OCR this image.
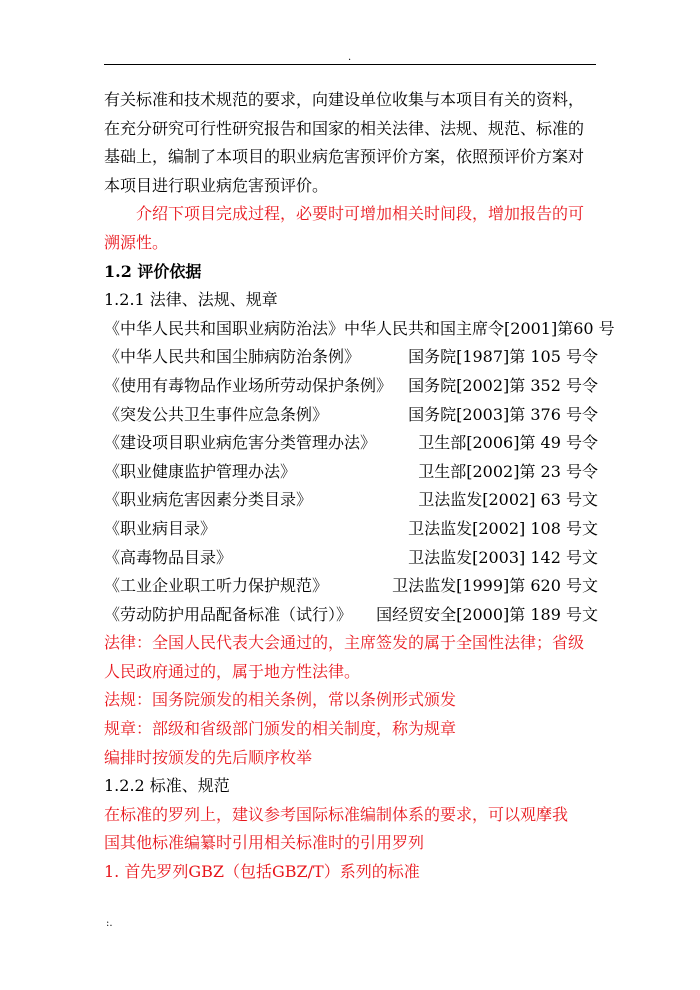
.
有关标准和技术规范的要求，向建设单位收集与本项目有关的资料，
在充分研究可行性研究报告和国家的相关法律、法规、规范、标准的
基础上，编制了本项目的职业病危害预评价方案，依照预评价方案对
本项目进行职业病危害预评价。
介绍下项目完成过程，必要时可增加相关时间段，增加报告的可
溯源性。
1.2 评价依据
1.2.1 法律、法规、规章
《中华人民共和国职业病防治法》 中华人民共和国主席令[2001]第60 号
《中华人民共和国尘肺病防治条例》	国务院[1987]第 105 号令
《使用有毒物品作业场所劳动保护条例》 国务院[2002]第 352 号令
《突发公共卫生事件应急条例》	国务院[2003]第 376 号令
《建设项目职业病危害分类管理办法》	卫生部[2006]第 49 号令
《职业健康监护管理办法》	卫生部[2002]第 23 号令
《职业病危害因素分类目录》	卫法监发[2002] 63 号文
《职业病目录》	卫法监发[2002] 108 号文
《高毒物品目录》	卫法监发[2003] 142 号文
《工业企业职工听力保护规范》	卫法监发[1999]第 620 号文
《劳动防护用品配备标准（试行）》 国经贸安全[2000]第 189 号文
法律：全国人民代表大会通过的，主席签发的属于全国性法律；省级
人民政府通过的，属于地方性法律。
法规：国务院颁发的相关条例，常以条例形式颁发
规章：部级和省级部门颁发的相关制度，称为规章
编排时按颁发的先后顺序枚举
1.2.2 标准、规范
在标准的罗列上，建议参考国际标准编制体系的要求，可以观摩我
国其他标准编纂时引用相关标准时的引用罗列
1. 首先罗列GBZ（包括GBZ/T）系列的标准
:.
